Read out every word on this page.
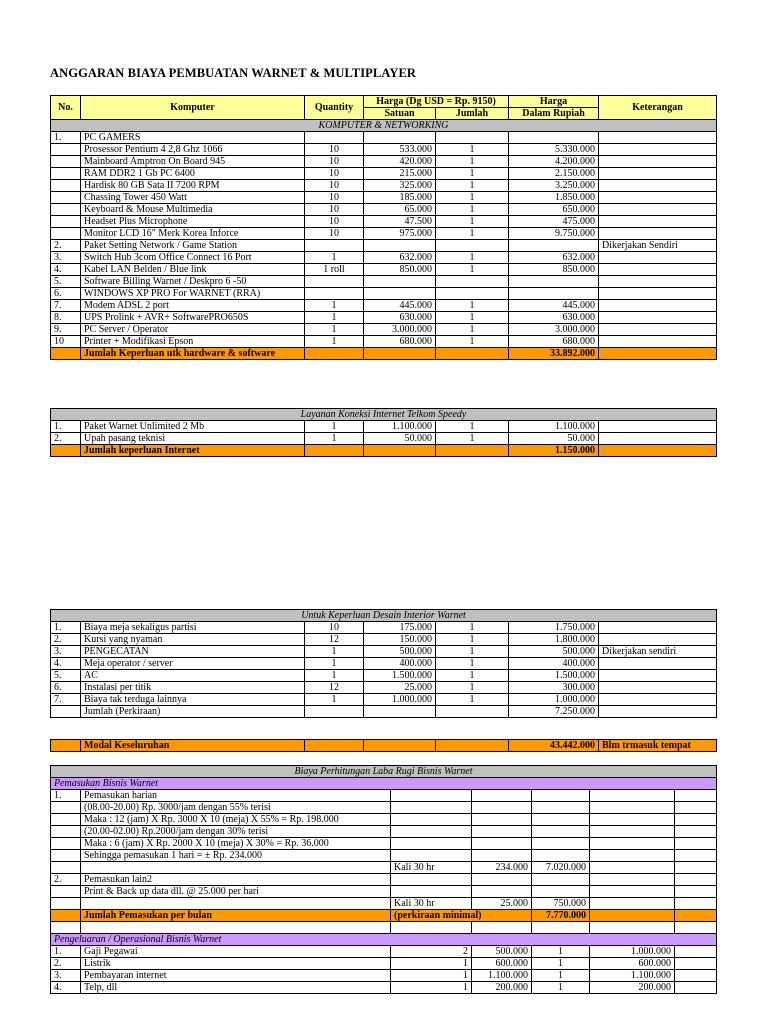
ANGGARAN BIAYA PEMBUATAN WARNET & MULTIPLAYER
No.	Komputer	Quantity	Harga (Dg USD = Rp. 9150)		Harga	Keterangan
			Satuan	Jumlah	Dalam Rupiah	
KOMPUTER & NETWORKING						
1.	PC GAMERS					
	Prosessor Pentium 4 2,8 Ghz 1066	10	533.000	1	5.330.000	
	Mainboard Amptron On Board 945	10	420.000	1	4.200.000	
	RAM DDR2 1 Gb PC 6400	10	215.000	1	2.150.000	
	Hardisk 80 GB Sata II 7200 RPM	10	325.000	1	3.250.000	
	Chassing Tower 450 Watt	10	185.000	1	1.850.000	
	Keyboard & Mouse Multimedia	10	65.000	1	650.000	
	Headset Plus Microphone	10	47.500	1	475.000	
	Monitor LCD 16" Merk Korea Inforce	10	975.000	1	9.750.000	
2.	Paket Setting Network / Game Station					Dikerjakan Sendiri
3.	Switch Hub 3com Office Connect 16 Port	1	632.000	1	632.000	
4.	Kabel LAN Belden / Blue link	1 roll	850.000	1	850.000	
5.	Software Billing Warnet / Deskpro 6 -50					
6.	WINDOWS XP PRO For WARNET (RRA)					
7.	Modem ADSL 2 port	1	445.000	1	445.000	
8.	UPS Prolink + AVR+ SoftwarePRO650S	1	630.000	1	630.000	
9.	PC Server / Operator	1	3.000.000	1	3.000.000	
10	Printer + Modifikasi Epson	1	680.000	1	680.000	
	Jumlah Keperluan utk hardware & software				33.892.000	
Layanan Koneksi Internet Telkom Speedy						
1.	Paket Warnet Unlimited 2 Mb	1	1.100.000	1	1.100.000	
2.	Upah pasang teknisi	1	50.000	1	50.000	
	Jumlah keperluan Internet				1.150.000	
Untuk Keperluan Desain Interior Warnet						
1.	Biaya meja sekaligus partisi	10	175.000	1	1.750.000	
2.	Kursi yang nyaman	12	150.000	1	1.800.000	
3.	PENGECATAN	1	500.000	1	500.000	Dikerjakan sendiri
4.	Meja operator / server	1	400.000	1	400.000	
5.	AC	1	1.500.000	1	1.500.000	
6.	Instalasi per titik	12	25.000	1	300.000	
7.	Biaya tak terduga lainnya	1	1.000.000	1	1.000.000	
	Jumlah (Perkiraan)				7.250.000	
	Modal Keseluruhan				43.442.000	Blm trmasuk tempat
Biaya Perhitungan Laba Rugi Bisnis Warnet						
Pemasukan Bisnis Warnet						
1.	Pemasukan harian					
	(08.00-20.00) Rp. 3000/jam dengan 55% terisi					
	Maka : 12 (jam) X Rp. 3000 X 10 (meja) X 55% = Rp. 198.000					
	(20.00-02.00) Rp.2000/jam dengan 30% terisi					
	Maka : 6 (jam) X Rp. 2000 X 10 (meja) X 30% = Rp. 36.000					
	Sehingga pemasukan 1 hari = ± Rp. 234.000					
		Kali 30 hr	234.000	7.020.000		
2.	Pemasukan lain2					
	Print & Back up data dll. @ 25.000 per hari					
		Kali 30 hr	25.000	750.000		
	Jumlah Pemasukan per bulan	(perkiraan minimal)		7.770.000		

Pengeluaran / Operasional Bisnis Warnet						
1.	Gaji Pegawai	2	500.000	1	1.000.000	
2.	Listrik	1	600.000	1	600.000	
3.	Pembayaran internet	1	1.100.000	1	1.100.000	
4.	Telp, dll	1	200.000	1	200.000	
